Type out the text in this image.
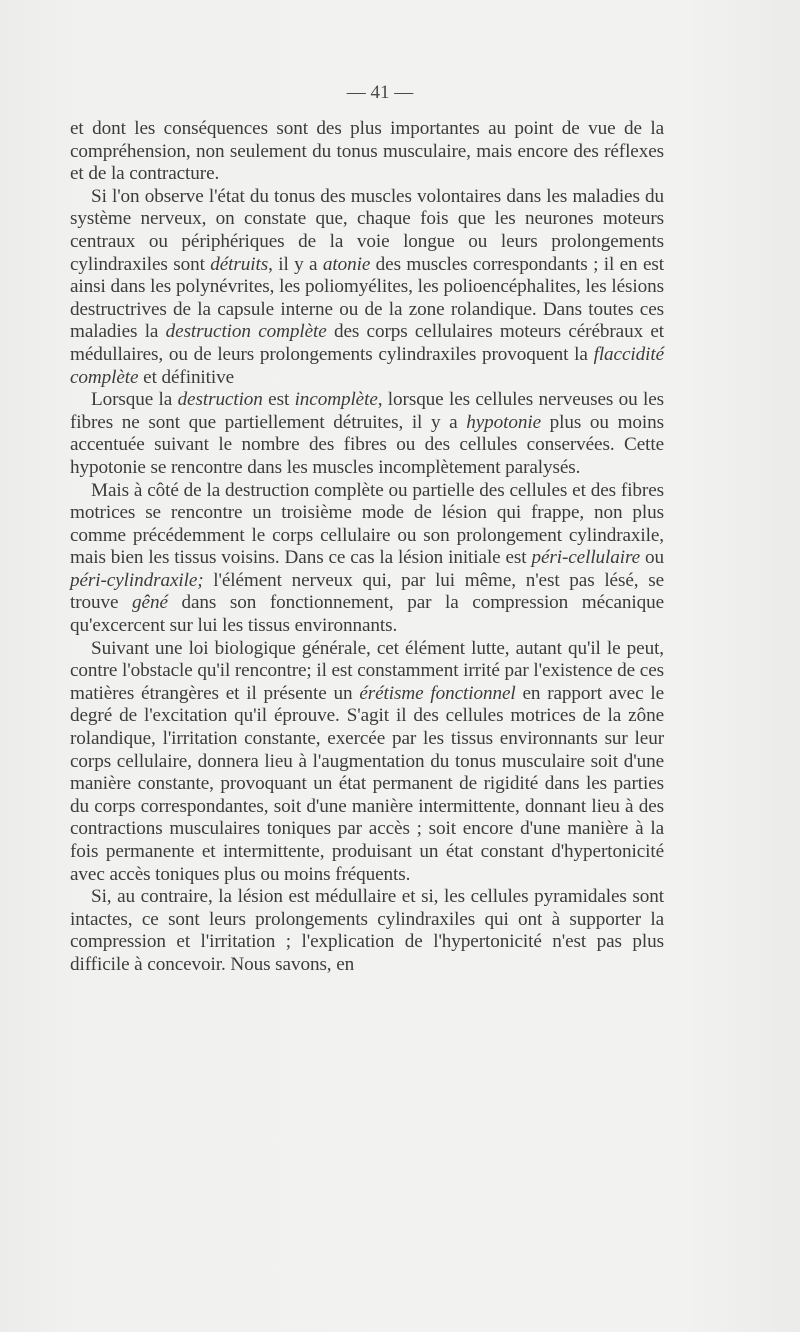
— 41 —

et dont les conséquences sont des plus importantes au point de vue de la compréhension, non seulement du tonus musculaire, mais encore des réflexes et de la contracture.

Si l'on observe l'état du tonus des muscles volontaires dans les maladies du système nerveux, on constate que, chaque fois que les neurones moteurs centraux ou périphériques de la voie longue ou leurs prolongements cylindraxiles sont détruits, il y a atonie des muscles correspondants ; il en est ainsi dans les polynévrites, les poliomyélites, les polioencéphalites, les lésions destructrives de la capsule interne ou de la zone rolandique. Dans toutes ces maladies la destruction complète des corps cellulaires moteurs cérébraux et médullaires, ou de leurs prolongements cylindraxiles provoquent la flaccidité complète et définitive

Lorsque la destruction est incomplète, lorsque les cellules nerveuses ou les fibres ne sont que partiellement détruites, il y a hypotonie plus ou moins accentuée suivant le nombre des fibres ou des cellules conservées. Cette hypotonie se rencontre dans les muscles incomplètement paralysés.

Mais à côté de la destruction complète ou partielle des cellules et des fibres motrices se rencontre un troisième mode de lésion qui frappe, non plus comme précédemment le corps cellulaire ou son prolongement cylindraxile, mais bien les tissus voisins. Dans ce cas la lésion initiale est péri-cellulaire ou péri-cylindraxile; l'élément nerveux qui, par lui même, n'est pas lésé, se trouve gêné dans son fonctionnement, par la compression mécanique qu'excercent sur lui les tissus environnants.

Suivant une loi biologique générale, cet élément lutte, autant qu'il le peut, contre l'obstacle qu'il rencontre; il est constamment irrité par l'existence de ces matières étrangères et il présente un érétisme fonctionnel en rapport avec le degré de l'excitation qu'il éprouve. S'agit il des cellules motrices de la zône rolandique, l'irritation constante, exercée par les tissus environnants sur leur corps cellulaire, donnera lieu à l'augmentation du tonus musculaire soit d'une manière constante, provoquant un état permanent de rigidité dans les parties du corps correspondantes, soit d'une manière intermittente, donnant lieu à des contractions musculaires toniques par accès ; soit encore d'une manière à la fois permanente et intermittente, produisant un état constant d'hypertonicité avec accès toniques plus ou moins fréquents.

Si, au contraire, la lésion est médullaire et si, les cellules pyramidales sont intactes, ce sont leurs prolongements cylindraxiles qui ont à supporter la compression et l'irritation ; l'explication de l'hypertonicité n'est pas plus difficile à concevoir. Nous savons, en
